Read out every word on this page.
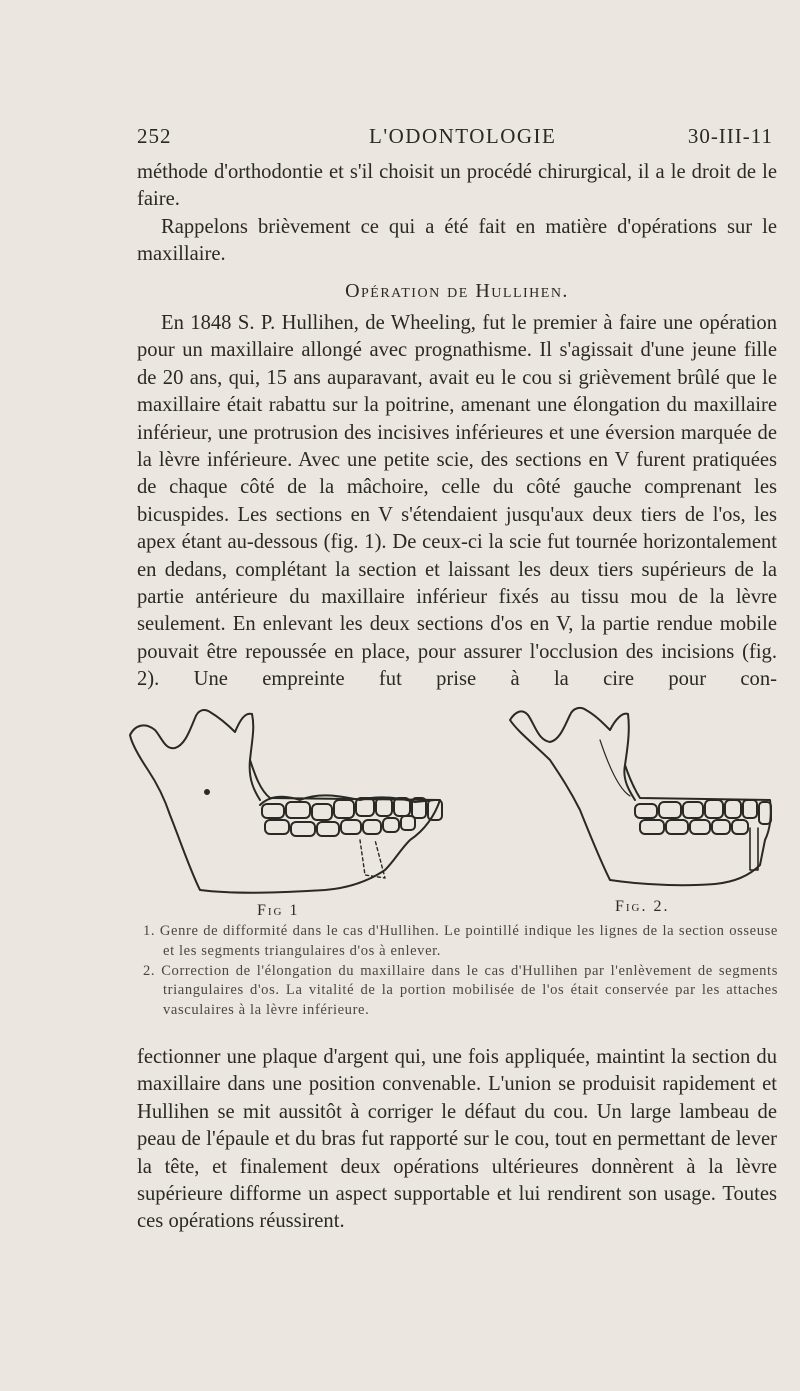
252	L'ODONTOLOGIE	30-III-11

méthode d'orthodontie et s'il choisit un procédé chirurgical, il a le droit de le faire.

Rappelons brièvement ce qui a été fait en matière d'opérations sur le maxillaire.

Opération de Hullihen.

En 1848 S. P. Hullihen, de Wheeling, fut le premier à faire une opération pour un maxillaire allongé avec prognathisme. Il s'agissait d'une jeune fille de 20 ans, qui, 15 ans auparavant, avait eu le cou si grièvement brûlé que le maxillaire était rabattu sur la poitrine, amenant une élongation du maxillaire inférieur, une protrusion des incisives inférieures et une éversion marquée de la lèvre inférieure. Avec une petite scie, des sections en V furent pratiquées de chaque côté de la mâchoire, celle du côté gauche comprenant les bicuspides. Les sections en V s'étendaient jusqu'aux deux tiers de l'os, les apex étant au-dessous (fig. 1). De ceux-ci la scie fut tournée horizontalement en dedans, complétant la section et laissant les deux tiers supérieurs de la partie antérieure du maxillaire inférieur fixés au tissu mou de la lèvre seulement. En enlevant les deux sections d'os en V, la partie rendue mobile pouvait être repoussée en place, pour assurer l'occlusion des incisions (fig. 2). Une empreinte fut prise à la cire pour con-

Fig 1	Fig. 2.
1. Genre de difformité dans le cas d'Hullihen. Le pointillé indique les lignes de la section osseuse et les segments triangulaires d'os à enlever.
2. Correction de l'élongation du maxillaire dans le cas d'Hullihen par l'enlèvement de segments triangulaires d'os. La vitalité de la portion mobilisée de l'os était conservée par les attaches vasculaires à la lèvre inférieure.

fectionner une plaque d'argent qui, une fois appliquée, maintint la section du maxillaire dans une position convenable. L'union se produisit rapidement et Hullihen se mit aussitôt à corriger le défaut du cou. Un large lambeau de peau de l'épaule et du bras fut rapporté sur le cou, tout en permettant de lever la tête, et finalement deux opérations ultérieures donnèrent à la lèvre supérieure difforme un aspect supportable et lui rendirent son usage. Toutes ces opérations réussirent.
